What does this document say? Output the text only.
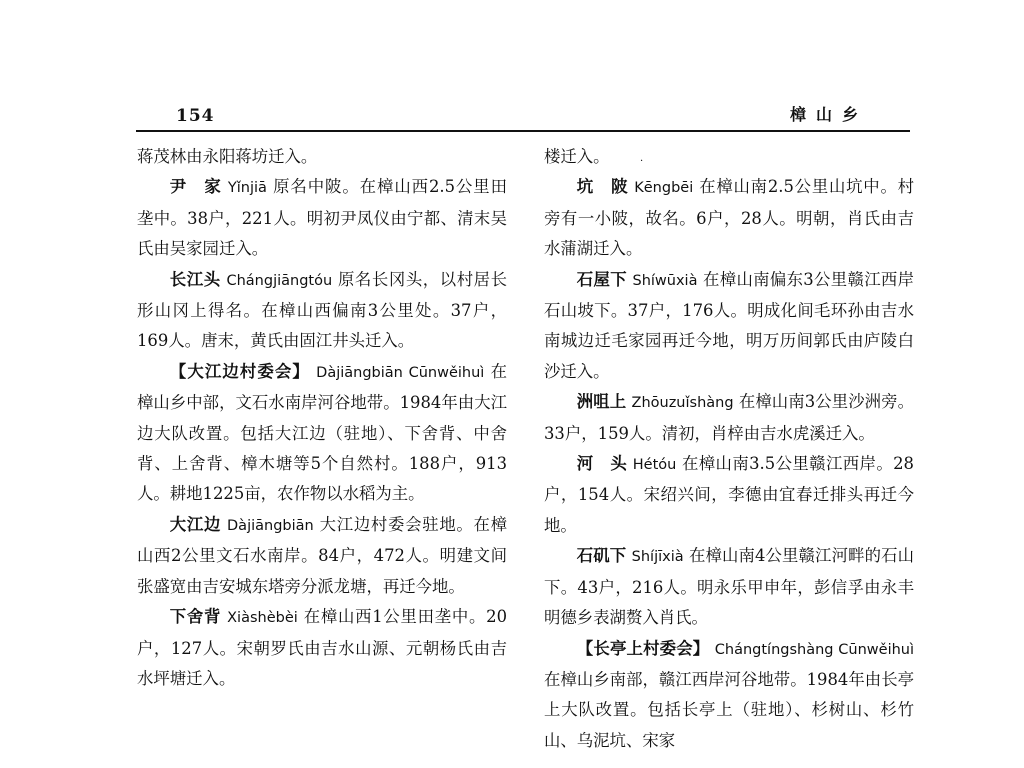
154	樟山乡
·

蒋茂林由永阳蒋坊迁入。

尹　家 Yǐnjiā 原名中陂。在樟山西2.5公里田垄中。38户，221人。明初尹凤仪由宁都、清末吴氏由吴家园迁入。

长江头 Chángjiāngtóu 原名长冈头，以村居长形山冈上得名。在樟山西偏南3公里处。37户，169人。唐末，黄氏由固江井头迁入。

【大江边村委会】 Dàjiāngbiān Cūnwěihuì 在樟山乡中部，文石水南岸河谷地带。1984年由大江边大队改置。包括大江边（驻地）、下舍背、中舍背、上舍背、樟木塘等5个自然村。188户，913人。耕地1225亩，农作物以水稻为主。

大江边 Dàjiāngbiān 大江边村委会驻地。在樟山西2公里文石水南岸。84户，472人。明建文间张盛宽由吉安城东塔旁分派龙塘，再迁今地。

下舍背 Xiàshèbèi 在樟山西1公里田垄中。20户，127人。宋朝罗氏由吉水山源、元朝杨氏由吉水坪塘迁入。

楼迁入。

坑　陂 Kēngbēi 在樟山南2.5公里山坑中。村旁有一小陂，故名。6户，28人。明朝，肖氏由吉水蒲湖迁入。

石屋下 Shíwūxià 在樟山南偏东3公里赣江西岸石山坡下。37户，176人。明成化间毛环孙由吉水南城边迁毛家园再迁今地，明万历间郭氏由庐陵白沙迁入。

洲咀上 Zhōuzuǐshàng 在樟山南3公里沙洲旁。33户，159人。清初，肖梓由吉水虎溪迁入。

河　头 Hétóu 在樟山南3.5公里赣江西岸。28户，154人。宋绍兴间，李德由宜春迁排头再迁今地。

石矶下 Shíjīxià 在樟山南4公里赣江河畔的石山下。43户，216人。明永乐甲申年，彭信孚由永丰明德乡表湖赘入肖氏。

【长亭上村委会】 Chángtíngshàng Cūnwěihuì 在樟山乡南部，赣江西岸河谷地带。1984年由长亭上大队改置。包括长亭上（驻地）、杉树山、杉竹山、乌泥坑、宋家
